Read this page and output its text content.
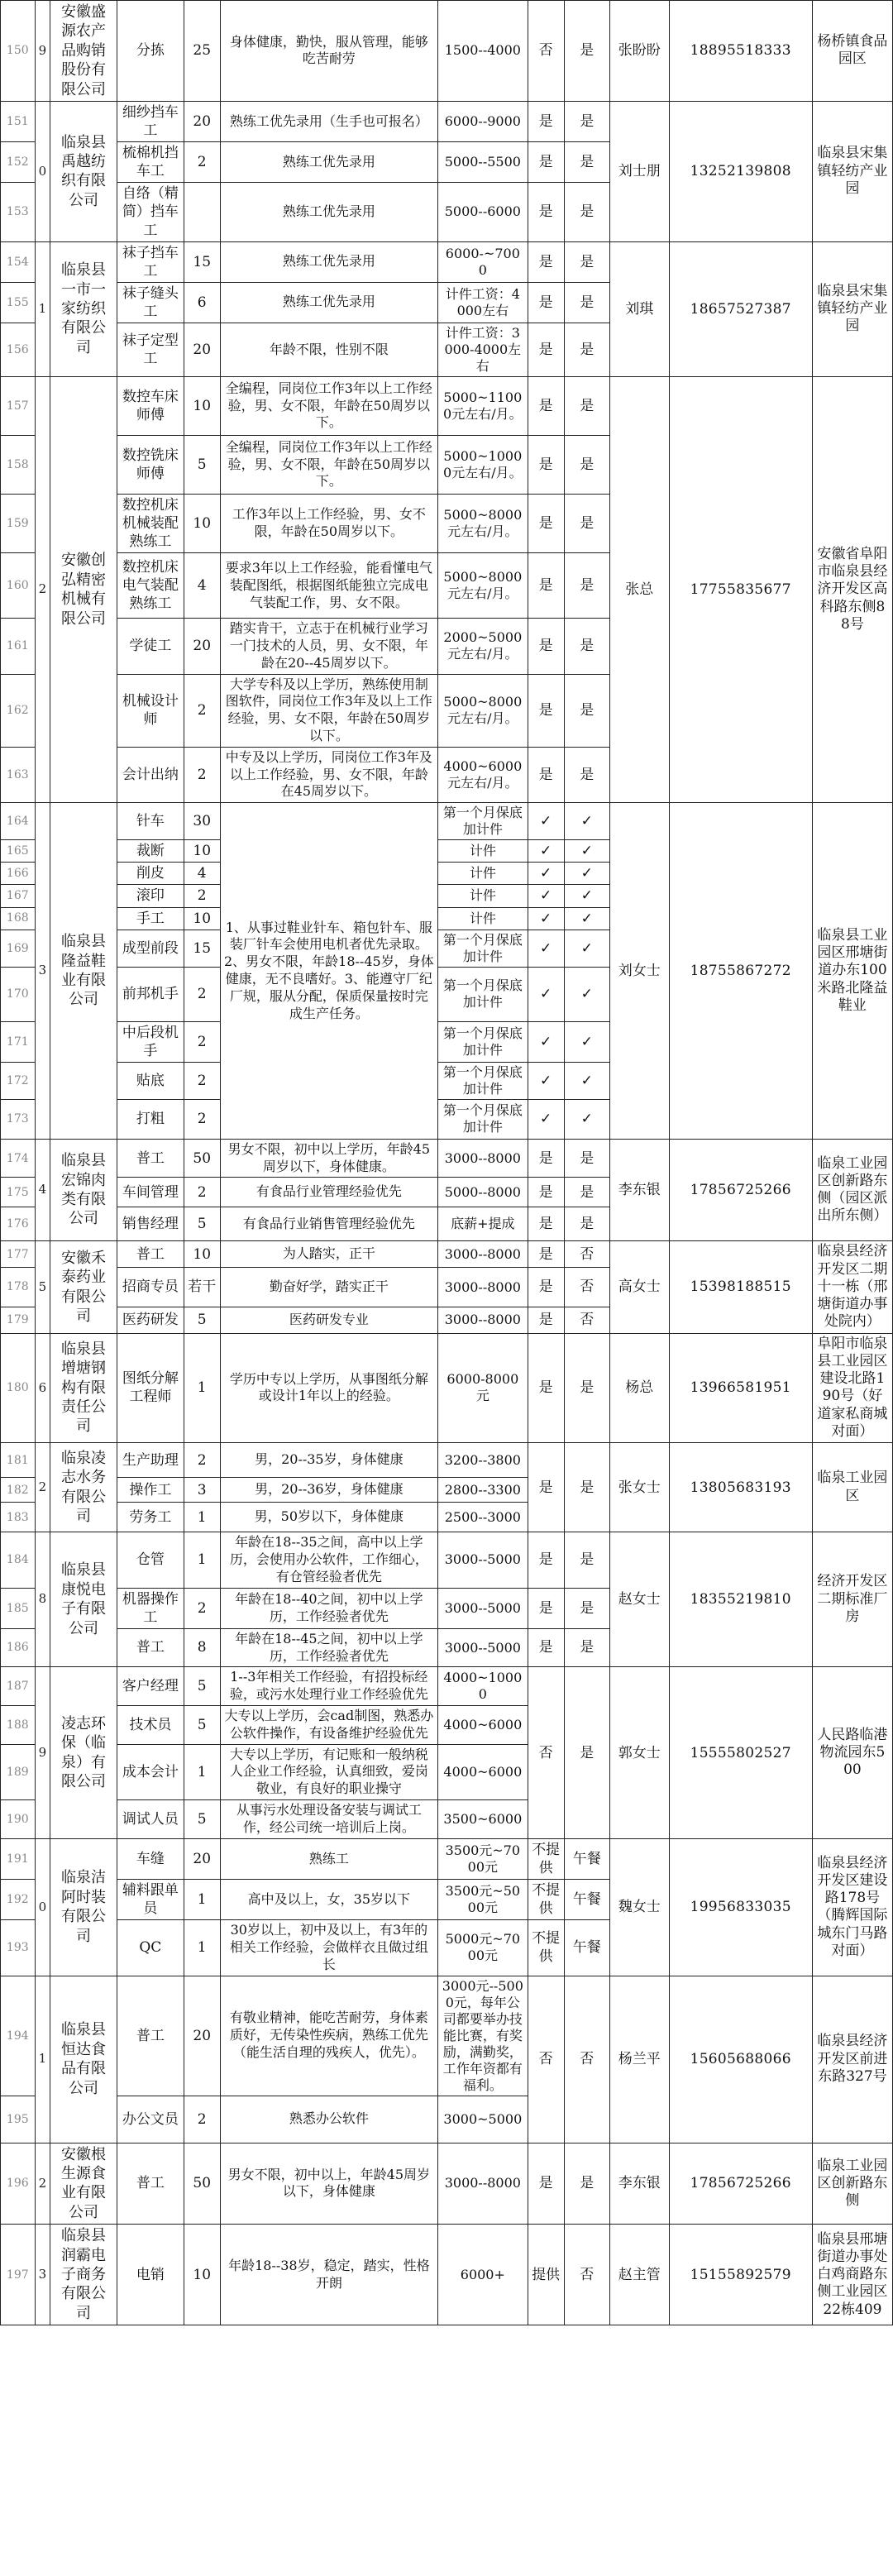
150	9	安徽盛源农产品购销股份有限公司	分拣	25	身体健康，勤快，服从管理，能够吃苦耐劳	1500--4000	否	是	张盼盼	18895518333	杨桥镇食品园区
151	0	临泉县禹越纺织有限公司	细纱挡车工	20	熟练工优先录用（生手也可报名）	6000--9000	是	是	刘士朋	13252139808	临泉县宋集镇轻纺产业园
152			梳棉机挡车工	2	熟练工优先录用	5000--5500	是	是			
153			自络（精简）挡车工		熟练工优先录用	5000--6000	是	是			
154	1	临泉县一市一家纺织有限公司	袜子挡车工	15	熟练工优先录用	6000-~7000	是	是	刘琪	18657527387	临泉县宋集镇轻纺产业园
155			袜子缝头工	6	熟练工优先录用	计件工资：4000左右	是	是			
156			袜子定型工	20	年龄不限，性别不限	计件工资：3000-4000左右	是	是			
157	2	安徽创弘精密机械有限公司	数控车床师傅	10	全编程，同岗位工作3年以上工作经验，男、女不限，年龄在50周岁以下。	5000~11000元左右/月。	是	是	张总	17755835677	安徽省阜阳市临泉县经济开发区高科路东侧88号
158			数控铣床师傅	5	全编程，同岗位工作3年以上工作经验，男、女不限，年龄在50周岁以下。	5000~10000元左右/月。	是	是			
159			数控机床机械装配熟练工	10	工作3年以上工作经验，男、女不限，年龄在50周岁以下。	5000~8000元左右/月。	是	是			
160			数控机床电气装配熟练工	4	要求3年以上工作经验，能看懂电气装配图纸，根据图纸能独立完成电气装配工作，男、女不限。	5000~8000元左右/月。	是	是			
161			学徒工	20	踏实肯干，立志于在机械行业学习一门技术的人员，男、女不限，年龄在20--45周岁以下。	2000~5000元左右/月。	是	是			
162			机械设计师	2	大学专科及以上学历，熟练使用制图软件，同岗位工作3年及以上工作经验，男、女不限，年龄在50周岁以下。	5000~8000元左右/月。	是	是			
163			会计出纳	2	中专及以上学历，同岗位工作3年及以上工作经验，男、女不限，年龄在45周岁以下。	4000~6000元左右/月。	是	是			
164	3	临泉县隆益鞋业有限公司	针车	30	1、从事过鞋业针车、箱包针车、服装厂针车会使用电机者优先录取。2、男女不限，年龄18--45岁，身体健康，无不良嗜好。3、能遵守厂纪厂规，服从分配，保质保量按时完成生产任务。	第一个月保底加计件	✓	✓	刘女士	18755867272	临泉县工业园区邢塘街道办东100米路北隆益鞋业
165			裁断	10		计件	✓	✓			
166			削皮	4		计件	✓	✓			
167			滚印	2		计件	✓	✓			
168			手工	10		计件	✓	✓			
169			成型前段	15		第一个月保底加计件	✓	✓			
170			前邦机手	2		第一个月保底加计件	✓	✓			
171			中后段机手	2		第一个月保底加计件	✓	✓			
172			贴底	2		第一个月保底加计件	✓	✓			
173			打粗	2		第一个月保底加计件	✓	✓			
174	4	临泉县宏锦肉类有限公司	普工	50	男女不限，初中以上学历，年龄45周岁以下，身体健康。	3000--8000	是	是	李东银	17856725266	临泉工业园区创新路东侧（园区派出所东侧）
175			车间管理	2	有食品行业管理经验优先	5000--8000	是	是			
176			销售经理	5	有食品行业销售管理经验优先	底薪+提成	是	是			
177	5	安徽禾泰药业有限公司	普工	10	为人踏实，正干	3000--8000	是	否	高女士	15398188515	临泉县经济开发区二期十一栋（邢塘街道办事处院内）
178			招商专员	若干	勤奋好学，踏实正干	3000--8000	是	否			
179			医药研发	5	医药研发专业	3000--8000	是	否			
180	6	临泉县增塘钢构有限责任公司	图纸分解工程师	1	学历中专以上学历，从事图纸分解或设计1年以上的经验。	6000-8000元	是	是	杨总	13966581951	阜阳市临泉县工业园区建设北路190号（好道家私商城对面）
181	2	临泉凌志水务有限公司	生产助理	2	男，20--35岁，身体健康	3200--3800	是	是	张女士	13805683193	临泉工业园区
182			操作工	3	男，20--36岁，身体健康	2800--3300					
183			劳务工	1	男，50岁以下，身体健康	2500--3000					
184	8	临泉县康悦电子有限公司	仓管	1	年龄在18--35之间，高中以上学历，会使用办公软件，工作细心，有仓管经验者优先	3000--5000	是	是	赵女士	18355219810	经济开发区二期标准厂房
185			机器操作工	2	年龄在18--40之间，初中以上学历，工作经验者优先	3000--5000	是	是			
186			普工	8	年龄在18--45之间，初中以上学历，工作经验者优先	3000--5000	是	是			
187	9	凌志环保（临泉）有限公司	客户经理	5	1--3年相关工作经验，有招投标经验，或污水处理行业工作经验优先	4000~10000	否	是	郭女士	15555802527	人民路临港物流园东500
188			技术员	5	大专以上学历，会cad制图，熟悉办公软件操作，有设备维护经验优先	4000~6000					
189			成本会计	1	大专以上学历，有记账和一般纳税人企业工作经验，认真细致，爱岗敬业，有良好的职业操守	4000~6000					
190			调试人员	5	从事污水处理设备安装与调试工作，经公司统一培训后上岗。	3500~6000					
191	0	临泉洁阿时装有限公司	车缝	20	熟练工	3500元~7000元	不提供	午餐	魏女士	19956833035	临泉县经济开发区建设路178号（腾辉国际城东门马路对面）
192			辅料跟单员	1	高中及以上，女，35岁以下	3500元~5000元	不提供	午餐			
193			QC	1	30岁以上，初中及以上，有3年的相关工作经验，会做样衣且做过组长	5000元~7000元	不提供	午餐			
194	1	临泉县恒达食品有限公司	普工	20	有敬业精神，能吃苦耐劳，身体素质好，无传染性疾病，熟练工优先（能生活自理的残疾人，优先）。	3000元--5000元，每年公司都要举办技能比赛，有奖励，满勤奖，工作年资都有福利。	否	否	杨兰平	15605688066	临泉县经济开发区前进东路327号
195			办公文员	2	熟悉办公软件	3000~5000					
196	2	安徽根生源食业有限公司	普工	50	男女不限，初中以上，年龄45周岁以下，身体健康	3000--8000	是	是	李东银	17856725266	临泉工业园区创新路东侧
197	3	临泉县润霸电子商务有限公司	电销	10	年龄18--38岁，稳定，踏实，性格开朗	6000+	提供	否	赵主管	15155892579	临泉县邢塘街道办事处白鸡商路东侧工业园区22栋409
